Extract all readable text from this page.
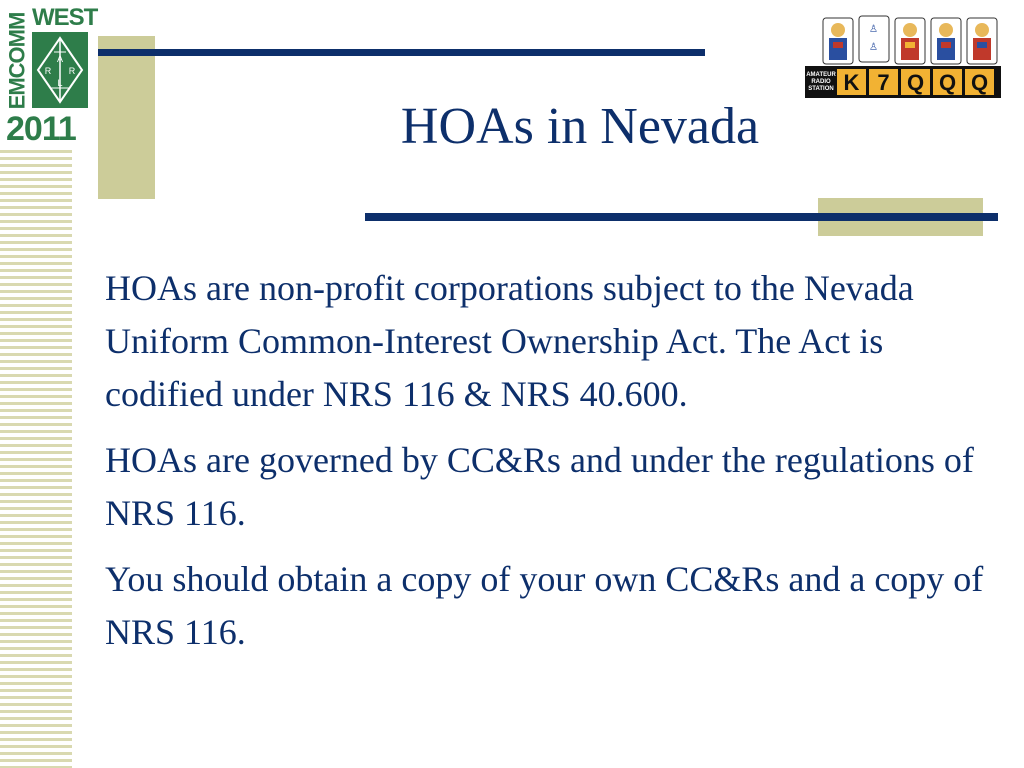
EMCOMM WEST
A
R R
L
2011	HOAs in Nevada
♙
♙
AMATEUR
RADIO
STATION K 7 Q Q Q

HOAs are non-profit corporations subject to the Nevada Uniform Common-Interest Ownership Act. The Act is codified under NRS 116 & NRS 40.600.

HOAs are governed by CC&Rs and under the regulations of NRS 116.

You should obtain a copy of your own CC&Rs and a copy of NRS 116.
